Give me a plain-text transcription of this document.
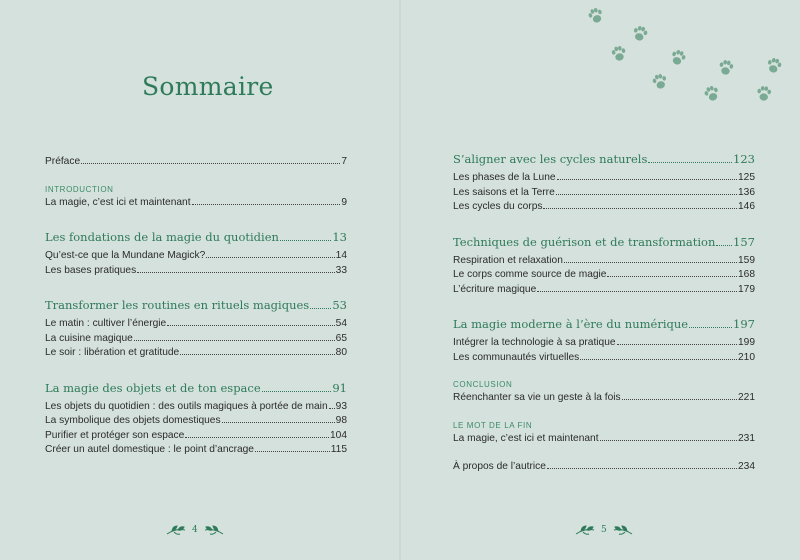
Sommaire
Préface	7
INTRODUCTION
La magie, c’est ici et maintenant	9
Les fondations de la magie du quotidien	13
Qu’est-ce que la Mundane Magick?	14
Les bases pratiques	33
Transformer les routines en rituels magiques 53
Le matin : cultiver l’énergie	54
La cuisine magique	65
Le soir : libération et gratitude	80
La magie des objets et de ton espace	91
Les objets du quotidien : des outils magiques à portée de main 93
La symbolique des objets domestiques	98
Purifier et protéger son espace	104
Créer un autel domestique : le point d’ancrage	115
4
S’aligner avec les cycles naturels	123
Les phases de la Lune	125
Les saisons et la Terre	136
Les cycles du corps	146
Techniques de guérison et de transformation 157
Respiration et relaxation	159
Le corps comme source de magie	168
L’écriture magique	179
La magie moderne à l’ère du numérique	197
Intégrer la technologie à sa pratique	199
Les communautés virtuelles	210
CONCLUSION
Réenchanter sa vie un geste à la fois	221
LE MOT DE LA FIN
La magie, c’est ici et maintenant	231
À propos de l’autrice	234
5
